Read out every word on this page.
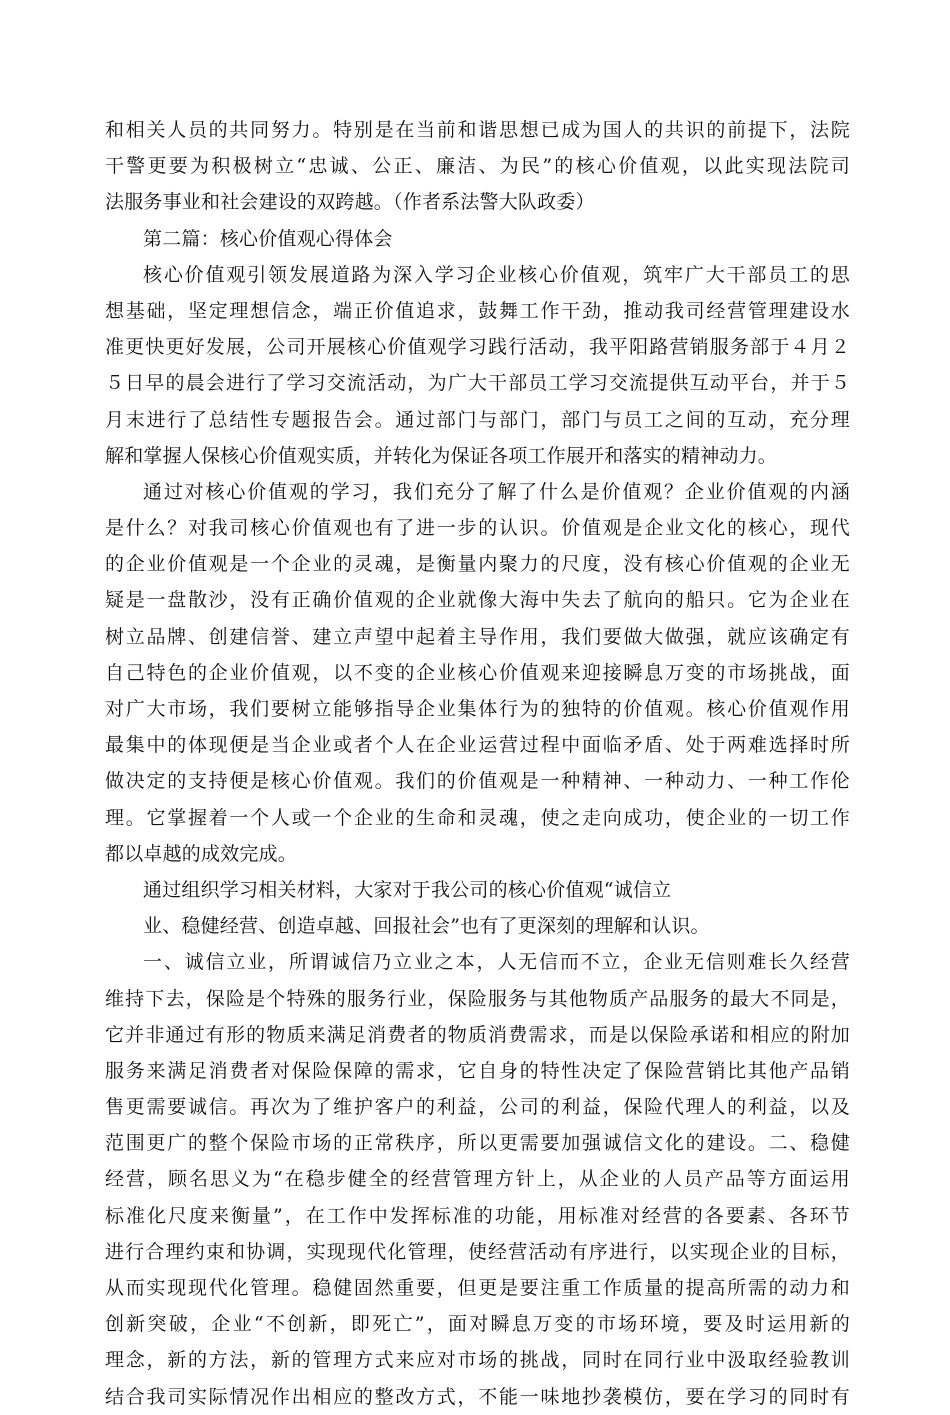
和相关人员的共同努力。特别是在当前和谐思想已成为国人的共识的前提下，法院
干警更要为积极树立“忠诚、公正、廉洁、为民”的核心价值观，以此实现法院司
法服务事业和社会建设的双跨越。（作者系法警大队政委）
第二篇：核心价值观心得体会
核心价值观引领发展道路为深入学习企业核心价值观，筑牢广大干部员工的思
想基础，坚定理想信念，端正价值追求，鼓舞工作干劲，推动我司经营管理建设水
准更快更好发展，公司开展核心价值观学习践行活动，我平阳路营销服务部于４月２
５日早的晨会进行了学习交流活动，为广大干部员工学习交流提供互动平台，并于５
月末进行了总结性专题报告会。通过部门与部门，部门与员工之间的互动，充分理
解和掌握人保核心价值观实质，并转化为保证各项工作展开和落实的精神动力。
通过对核心价值观的学习，我们充分了解了什么是价值观？企业价值观的内涵
是什么？对我司核心价值观也有了进一步的认识。价值观是企业文化的核心，现代
的企业价值观是一个企业的灵魂，是衡量内聚力的尺度，没有核心价值观的企业无
疑是一盘散沙，没有正确价值观的企业就像大海中失去了航向的船只。它为企业在
树立品牌、创建信誉、建立声望中起着主导作用，我们要做大做强，就应该确定有
自己特色的企业价值观，以不变的企业核心价值观来迎接瞬息万变的市场挑战，面
对广大市场，我们要树立能够指导企业集体行为的独特的价值观。核心价值观作用
最集中的体现便是当企业或者个人在企业运营过程中面临矛盾、处于两难选择时所
做决定的支持便是核心价值观。我们的价值观是一种精神、一种动力、一种工作伦
理。它掌握着一个人或一个企业的生命和灵魂，使之走向成功，使企业的一切工作
都以卓越的成效完成。
通过组织学习相关材料，大家对于我公司的核心价值观“诚信立
业、稳健经营、创造卓越、回报社会”也有了更深刻的理解和认识。
一、诚信立业，所谓诚信乃立业之本，人无信而不立，企业无信则难长久经营
维持下去，保险是个特殊的服务行业，保险服务与其他物质产品服务的最大不同是，
它并非通过有形的物质来满足消费者的物质消费需求，而是以保险承诺和相应的附加
服务来满足消费者对保险保障的需求，它自身的特性决定了保险营销比其他产品销
售更需要诚信。再次为了维护客户的利益，公司的利益，保险代理人的利益，以及
范围更广的整个保险市场的正常秩序，所以更需要加强诚信文化的建设。二、稳健
经营，顾名思义为“在稳步健全的经营管理方针上，从企业的人员产品等方面运用
标准化尺度来衡量”，在工作中发挥标准的功能，用标准对经营的各要素、各环节
进行合理约束和协调，实现现代化管理，使经营活动有序进行，以实现企业的目标，
从而实现现代化管理。稳健固然重要，但更是要注重工作质量的提高所需的动力和
创新突破，企业“不创新，即死亡”，面对瞬息万变的市场环境，要及时运用新的
理念，新的方法，新的管理方式来应对市场的挑战，同时在同行业中汲取经验教训
结合我司实际情况作出相应的整改方式，不能一味地抄袭模仿，要在学习的同时有
